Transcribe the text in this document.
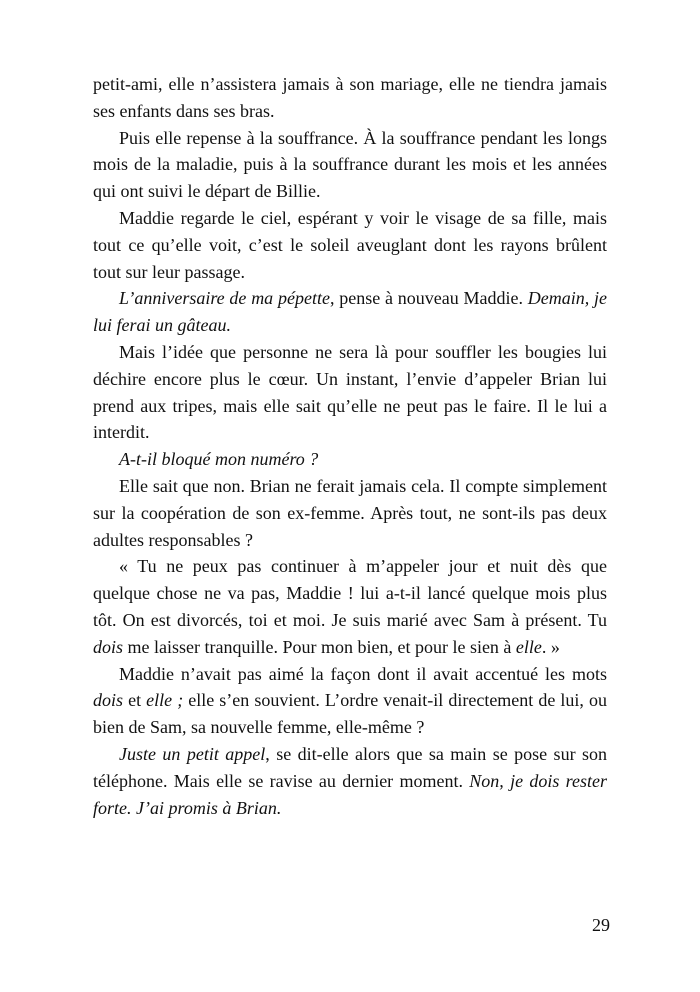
petit-ami, elle n’assistera jamais à son mariage, elle ne tiendra jamais ses enfants dans ses bras.

Puis elle repense à la souffrance. À la souffrance pendant les longs mois de la maladie, puis à la souffrance durant les mois et les années qui ont suivi le départ de Billie.

Maddie regarde le ciel, espérant y voir le visage de sa fille, mais tout ce qu’elle voit, c’est le soleil aveuglant dont les rayons brûlent tout sur leur passage.

L’anniversaire de ma pépette, pense à nouveau Maddie. Demain, je lui ferai un gâteau.

Mais l’idée que personne ne sera là pour souffler les bougies lui déchire encore plus le cœur. Un instant, l’envie d’appeler Brian lui prend aux tripes, mais elle sait qu’elle ne peut pas le faire. Il le lui a interdit.

A-t-il bloqué mon numéro ?

Elle sait que non. Brian ne ferait jamais cela. Il compte simplement sur la coopération de son ex-femme. Après tout, ne sont-ils pas deux adultes responsables ?

« Tu ne peux pas continuer à m’appeler jour et nuit dès que quelque chose ne va pas, Maddie ! lui a-t-il lancé quelque mois plus tôt. On est divorcés, toi et moi. Je suis marié avec Sam à présent. Tu dois me laisser tranquille. Pour mon bien, et pour le sien à elle. »

Maddie n’avait pas aimé la façon dont il avait accentué les mots dois et elle ; elle s’en souvient. L’ordre venait-il directement de lui, ou bien de Sam, sa nouvelle femme, elle-même ?

Juste un petit appel, se dit-elle alors que sa main se pose sur son téléphone. Mais elle se ravise au dernier moment. Non, je dois rester forte. J’ai promis à Brian.

29
